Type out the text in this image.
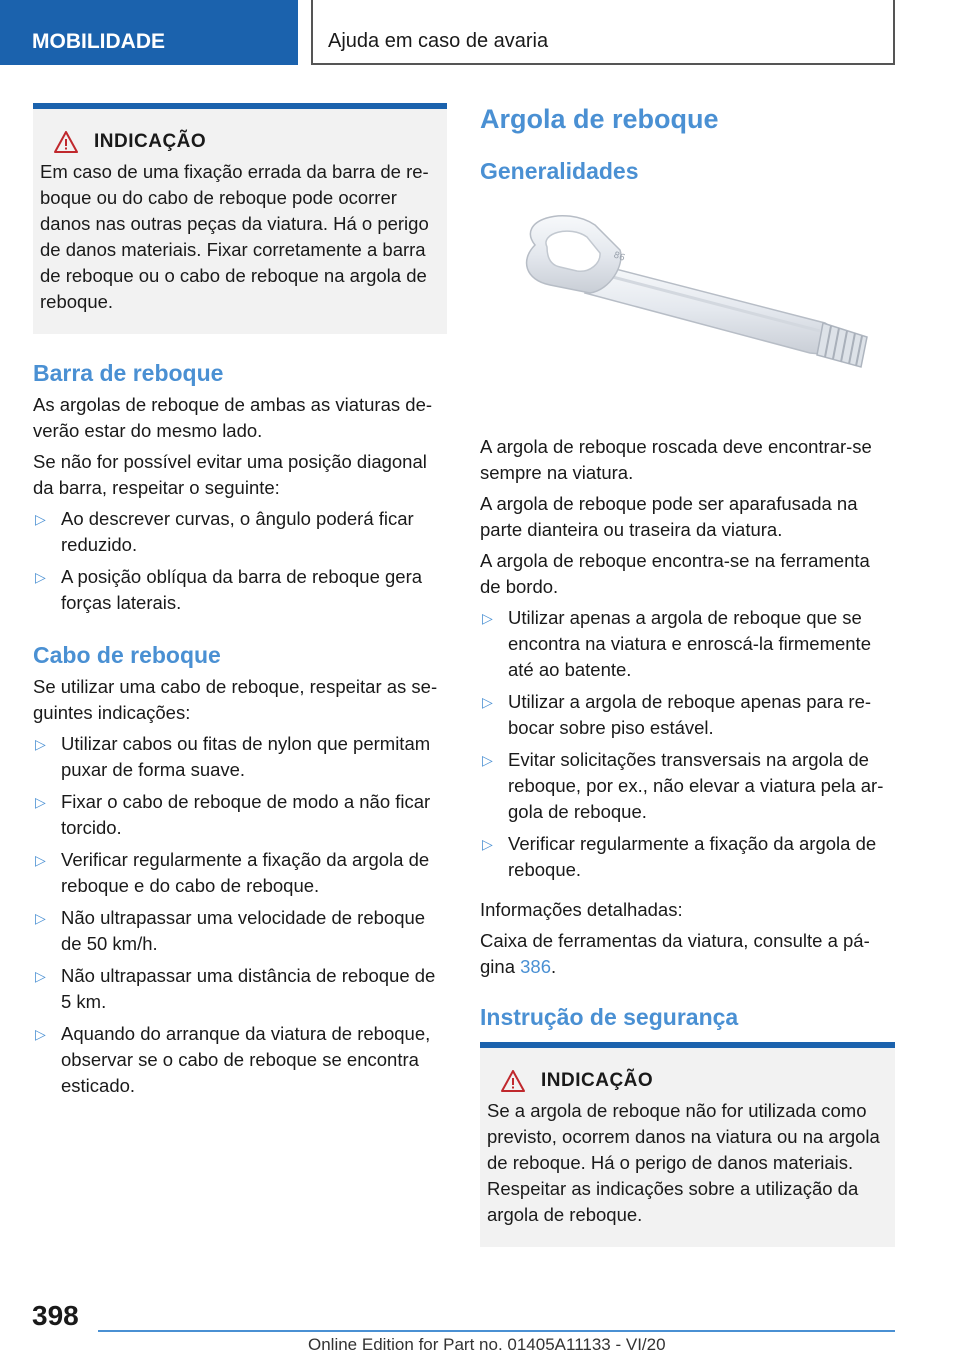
MOBILIDADE	Ajuda em caso de avaria
INDICAÇÃO

Em caso de uma fixação errada da barra de reboque ou do cabo de reboque pode ocorrer danos nas outras peças da viatura. Há o perigo de danos materiais. Fixar corretamente a barra de reboque ou o cabo de reboque na argola de reboque.

Barra de reboque

As argolas de reboque de ambas as viaturas deverão estar do mesmo lado.

Se não for possível evitar uma posição diagonal da barra, respeitar o seguinte:

▷ Ao descrever curvas, o ângulo poderá ficar reduzido.
▷ A posição oblíqua da barra de reboque gera forças laterais.
Cabo de reboque

Se utilizar uma cabo de reboque, respeitar as seguintes indicações:

▷ Utilizar cabos ou fitas de nylon que permitam puxar de forma suave.
▷ Fixar o cabo de reboque de modo a não ficar torcido.
▷ Verificar regularmente a fixação da argola de reboque e do cabo de reboque.
▷ Não ultrapassar uma velocidade de reboque de 50 km/h.
▷ Não ultrapassar uma distância de reboque de 5 km.
▷ Aquando do arranque da viatura de reboque, observar se o cabo de reboque se encontra esticado.
Argola de reboque
Generalidades
86

A argola de reboque roscada deve encontrar-se sempre na viatura.

A argola de reboque pode ser aparafusada na parte dianteira ou traseira da viatura.

A argola de reboque encontra-se na ferramenta de bordo.

▷ Utilizar apenas a argola de reboque que se encontra na viatura e enroscá-la firmemente até ao batente.
▷ Utilizar a argola de reboque apenas para rebocar sobre piso estável.
▷ Evitar solicitações transversais na argola de reboque, por ex., não elevar a viatura pela argola de reboque.
▷ Verificar regularmente a fixação da argola de reboque.

Informações detalhadas:

Caixa de ferramentas da viatura, consulte a página 386.

Instrução de segurança
INDICAÇÃO

Se a argola de reboque não for utilizada como previsto, ocorrem danos na viatura ou na argola de reboque. Há o perigo de danos materiais. Respeitar as indicações sobre a utilização da argola de reboque.

398
Online Edition for Part no. 01405A11133 - VI/20
